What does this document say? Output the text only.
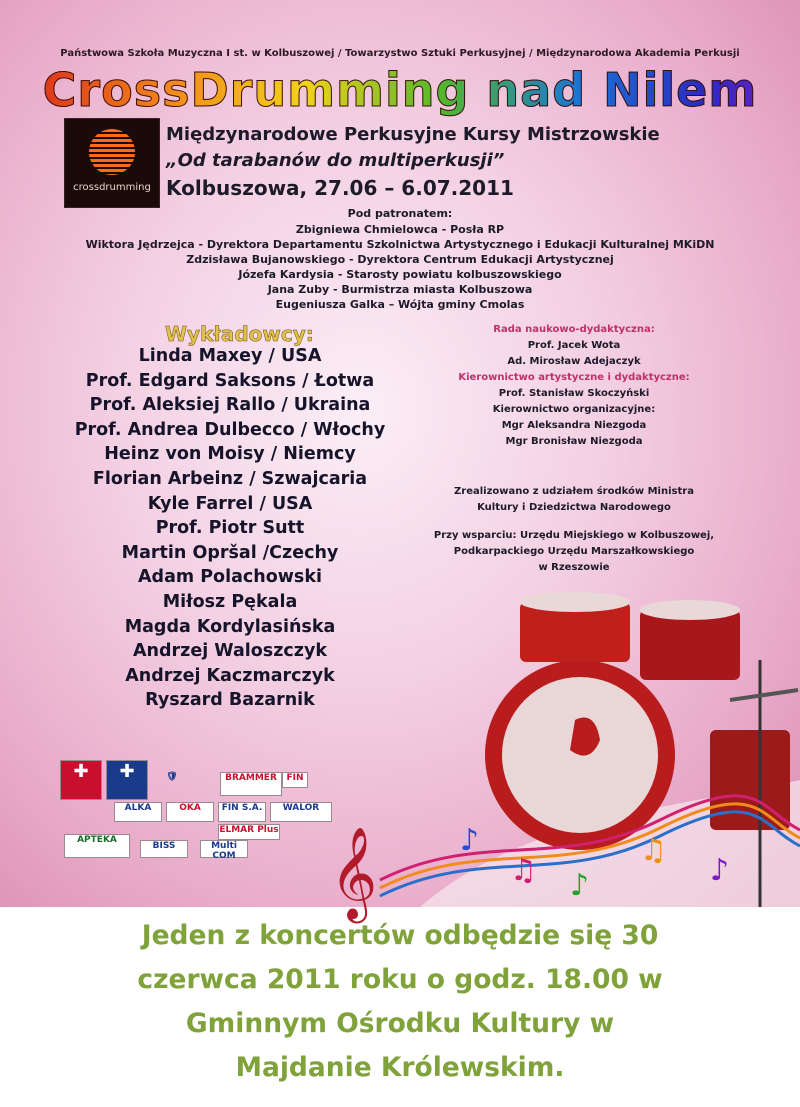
Państwowa Szkoła Muzyczna I st. w Kolbuszowej / Towarzystwo Sztuki Perkusyjnej / Międzynarodowa Akademia Perkusji
CrossDrumming nad Nilem
crossdrumming
Międzynarodowe Perkusyjne Kursy Mistrzowskie
„Od tarabanów do multiperkusji”
Kolbuszowa, 27.06 – 6.07.2011
Pod patronatem:
Zbigniewa Chmielowca - Posła RP
Wiktora Jędrzejca - Dyrektora Departamentu Szkolnictwa Artystycznego i Edukacji Kulturalnej MKiDN
Zdzisława Bujanowskiego - Dyrektora Centrum Edukacji Artystycznej
Józefa Kardysia - Starosty powiatu kolbuszowskiego
Jana Zuby - Burmistrza miasta Kolbuszowa
Eugeniusza Galka – Wójta gminy Cmolas
Wykładowcy:
Linda Maxey / USA
Prof. Edgard Saksons / Łotwa
Prof. Aleksiej Rallo / Ukraina
Prof. Andrea Dulbecco / Włochy
Heinz von Moisy / Niemcy
Florian Arbeinz / Szwajcaria
Kyle Farrel / USA
Prof. Piotr Sutt
Martin Opršal /Czechy
Adam Polachowski
Miłosz Pękala
Magda Kordylasińska
Andrzej Waloszczyk
Andrzej Kaczmarczyk
Ryszard Bazarnik
Rada naukowo-dydaktyczna:
Prof. Jacek Wota
Ad. Mirosław Adejaczyk
Kierownictwo artystyczne i dydaktyczne:
Prof. Stanisław Skoczyński
Kierownictwo organizacyjne:
Mgr Aleksandra Niezgoda
Mgr Bronisław Niezgoda
Zrealizowano z udziałem środków Ministra
Kultury i Dziedzictwa Narodowego
Przy wsparciu: Urzędu Miejskiego w Kolbuszowej,
Podkarpackiego Urzędu Marszałkowskiego
w Rzeszowie
𝄞	♪
♫ ♪
♫
♪
✚	✚	🛡	BRAMMER	FIN
ALKA	OKA	FIN S.A.	WALOR
ELMAR Plus
BISS	Multi COM
APTEKA
Jeden z koncertów odbędzie się 30
czerwca 2011 roku o godz. 18.00 w
Gminnym Ośrodku Kultury w
Majdanie Królewskim.
